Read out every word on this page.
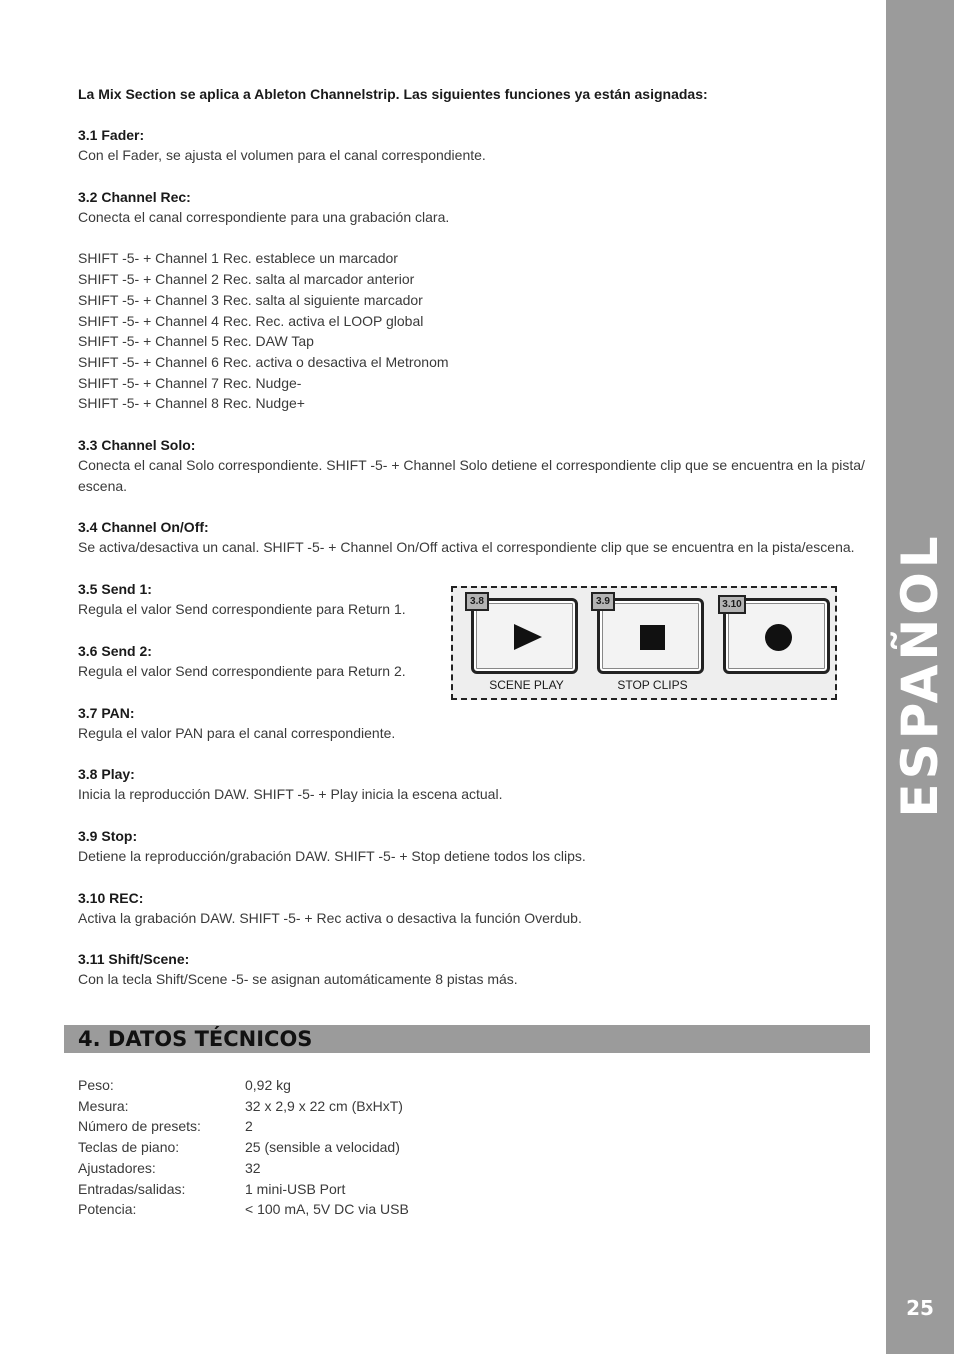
ESPAÑOL
25

La Mix Section se aplica a Ableton Channelstrip. Las siguientes funciones ya están asignadas:

3.1 Fader:

Con el Fader, se ajusta el volumen para el canal correspondiente.

3.2 Channel Rec:

Conecta el canal correspondiente para una grabación clara.

SHIFT -5- + Channel 1 Rec. establece un marcador
SHIFT -5- + Channel 2 Rec. salta al marcador anterior
SHIFT -5- + Channel 3 Rec. salta al siguiente marcador
SHIFT -5- + Channel 4 Rec. Rec. activa el LOOP global
SHIFT -5- + Channel 5 Rec. DAW Tap
SHIFT -5- + Channel 6 Rec. activa o desactiva el Metronom
SHIFT -5- + Channel 7 Rec. Nudge-
SHIFT -5- + Channel 8 Rec. Nudge+
3.3 Channel Solo:

Conecta el canal Solo correspondiente. SHIFT -5- + Channel Solo detiene el correspondiente clip que se encuentra en la pista/ escena.

3.4 Channel On/Off:

Se activa/desactiva un canal. SHIFT -5- + Channel On/Off activa el correspondiente clip que se encuentra en la pista/escena.

3.5 Send 1:

Regula el valor Send correspondiente para Return 1.

3.6 Send 2:

Regula el valor Send correspondiente para Return 2.

3.7 PAN:

Regula el valor PAN para el canal correspondiente.

3.8 Play:

Inicia la reproducción DAW. SHIFT -5- + Play inicia la escena actual.

3.9 Stop:

Detiene la reproducción/grabación DAW. SHIFT -5- + Stop detiene todos los clips.

3.10 REC:

Activa la grabación DAW. SHIFT -5- + Rec activa o desactiva la función Overdub.

3.11 Shift/Scene:

Con la tecla Shift/Scene -5- se asignan automáticamente 8 pistas más.

3.8	3.9	3.10
SCENE PLAY	STOP CLIPS
4. DATOS TÉCNICOS
Peso:	0,92 kg
Mesura:	32 x 2,9 x 22 cm (BxHxT)
Número de presets:	2
Teclas de piano:	25 (sensible a velocidad)
Ajustadores:	32
Entradas/salidas:	1 mini-USB Port
Potencia:	< 100 mA, 5V DC via USB
